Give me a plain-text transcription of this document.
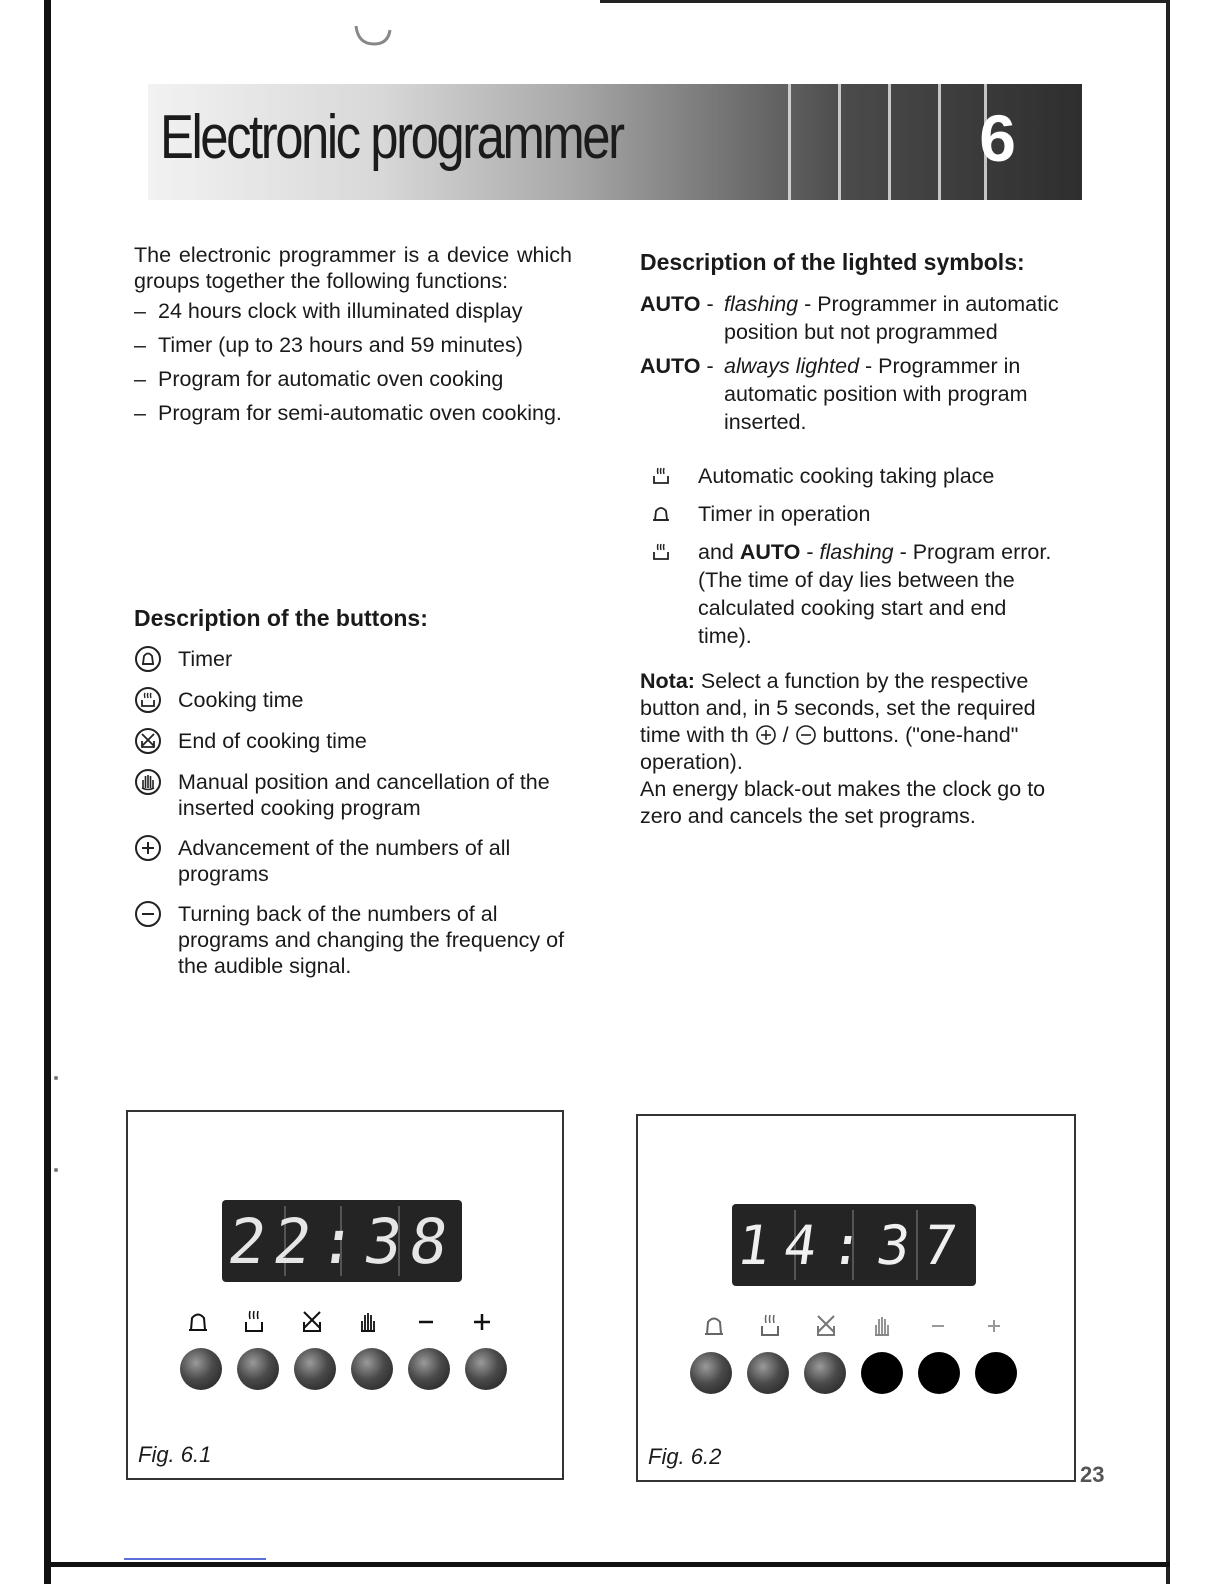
Electronic programmer	6

The electronic programmer is a device which groups together the following functions:

– 24 hours clock with illuminated display
– Timer (up to 23 hours and 59 minutes)
– Program for automatic oven cooking
– Program for semi-automatic oven cooking.

Description of the buttons:

Timer
Cooking time
End of cooking time
Manual position and cancellation of the inserted cooking program
Advancement of the numbers of all programs
Turning back of the numbers of al programs and changing the frequency of the audible signal.

Description of the lighted symbols:

AUTO - flashing - Programmer in automatic position but not programmed
AUTO - always lighted - Programmer in automatic position with program inserted.
Automatic cooking taking place
Timer in operation
and AUTO - flashing - Program error.
(The time of day lies between the calculated cooking start and end time).
Nota: Select a function by the respective button and, in 5 seconds, set the required time with th  /  buttons. ("one-hand" operation).
An energy black-out makes the clock go to zero and cancels the set programs.
22:38
Fig. 6.1
14:37
Fig. 6.2
23
